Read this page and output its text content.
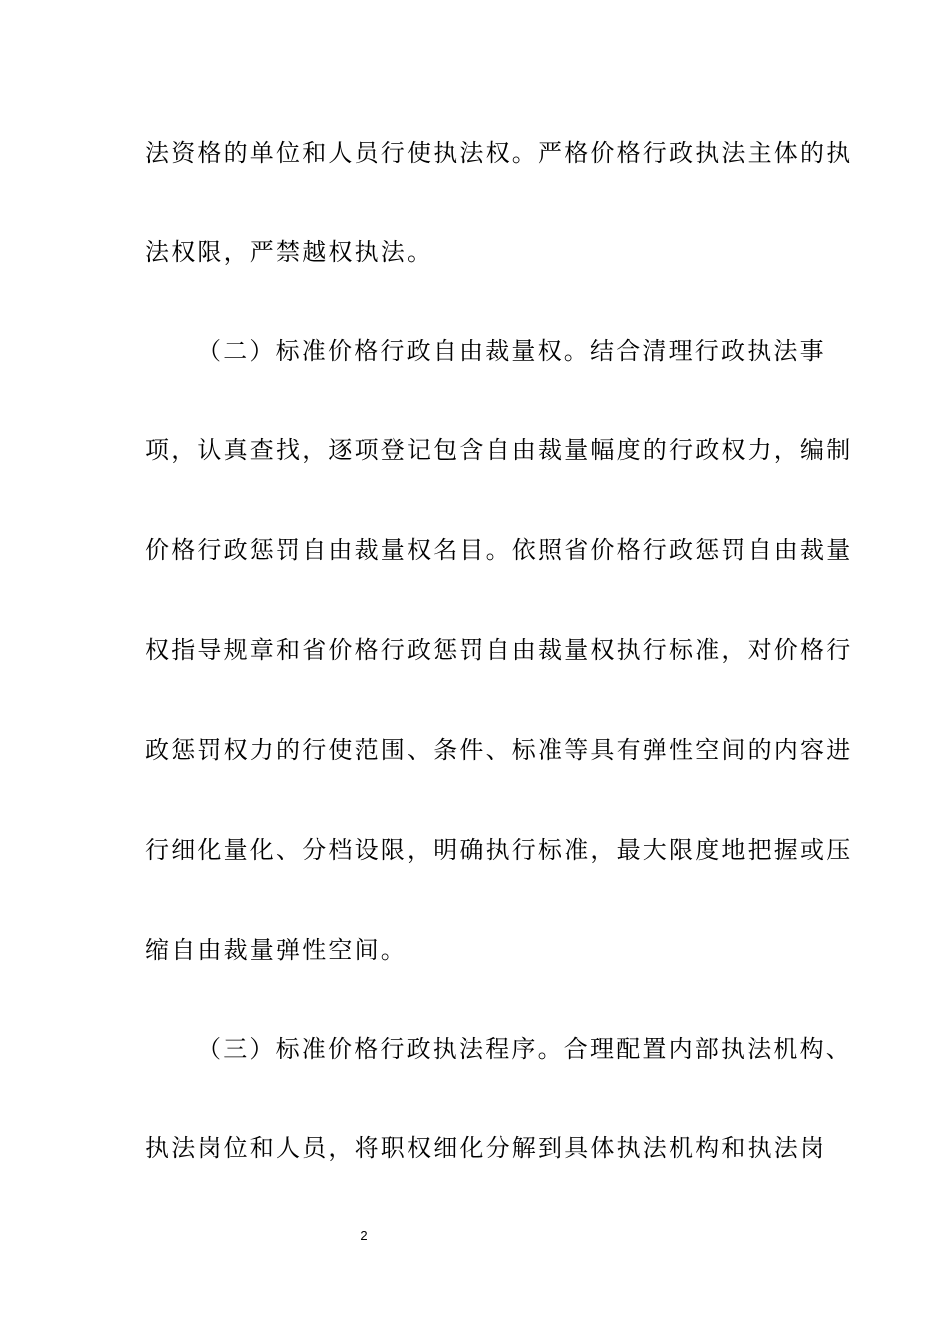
法资格的单位和人员行使执法权。严格价格行政执法主体的执
法权限，严禁越权执法。
（二）标准价格行政自由裁量权。结合清理行政执法事
项，认真查找，逐项登记包含自由裁量幅度的行政权力，编制
价格行政惩罚自由裁量权名目。依照省价格行政惩罚自由裁量
权指导规章和省价格行政惩罚自由裁量权执行标准，对价格行
政惩罚权力的行使范围、条件、标准等具有弹性空间的内容进
行细化量化、分档设限，明确执行标准，最大限度地把握或压
缩自由裁量弹性空间。
（三）标准价格行政执法程序。合理配置内部执法机构、
执法岗位和人员，将职权细化分解到具体执法机构和执法岗
2
